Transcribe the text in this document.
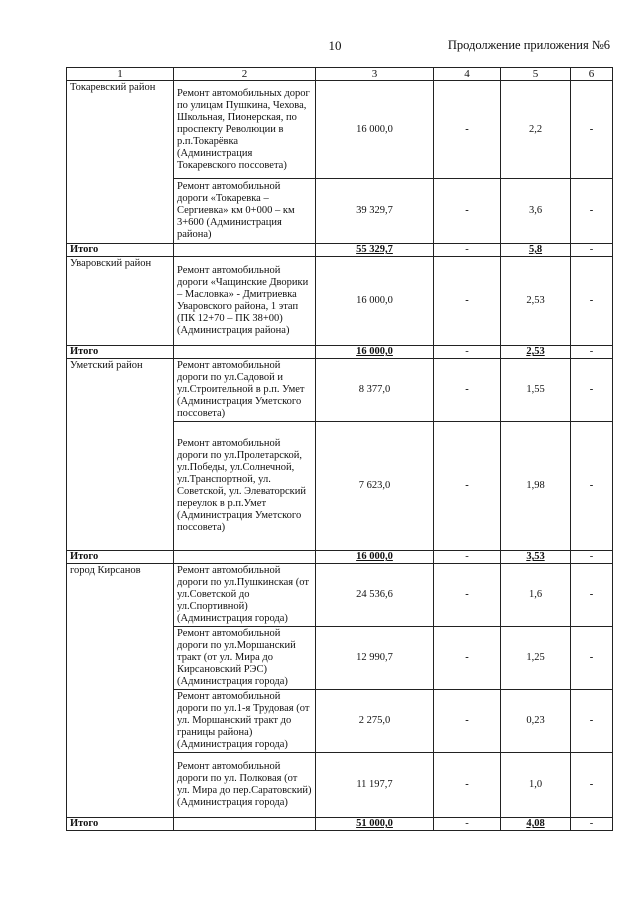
10	Продолжение приложения №6
1	2	3	4	5	6
Токаревский район	Ремонт автомобильных дорог по улицам Пушкина, Чехова, Школьная, Пионерская, по проспекту Революции в р.п.Токарёвка (Администрация Токаревского поссовета)	16 000,0	-	2,2	-
	Ремонт автомобильной дороги «Токаревка – Сергиевка» км 0+000 – км 3+600 (Администрация района)	39 329,7	-	3,6	-
Итого		55 329,7	-	5,8	-
Уваровский район	Ремонт автомобильной дороги «Чащинские Дворики – Масловка» - Дмитриевка Уваровского района, 1 этап (ПК 12+70 – ПК 38+00) (Администрация района)	16 000,0	-	2,53	-
Итого		16 000,0	-	2,53	-
Уметский район	Ремонт автомобильной дороги по ул.Садовой и ул.Строительной в р.п. Умет (Администрация Уметского поссовета)	8 377,0	-	1,55	-
	Ремонт автомобильной дороги по ул.Пролетарской, ул.Победы, ул.Солнечной, ул.Транспортной, ул. Советской, ул. Элеваторский переулок в р.п.Умет (Администрация Уметского поссовета)	7 623,0	-	1,98	-
Итого		16 000,0	-	3,53	-
город Кирсанов	Ремонт автомобильной дороги по ул.Пушкинская (от ул.Советской до ул.Спортивной) (Администрация города)	24 536,6	-	1,6	-
	Ремонт автомобильной дороги по ул.Моршанский тракт (от ул. Мира до Кирсановский РЭС) (Администрация города)	12 990,7	-	1,25	-
	Ремонт автомобильной дороги по ул.1-я Трудовая (от ул. Моршанский тракт до границы района) (Администрация города)	2 275,0	-	0,23	-
	Ремонт автомобильной дороги по ул. Полковая (от ул. Мира до пер.Саратовский) (Администрация города)	11 197,7	-	1,0	-
Итого		51 000,0	-	4,08	-
